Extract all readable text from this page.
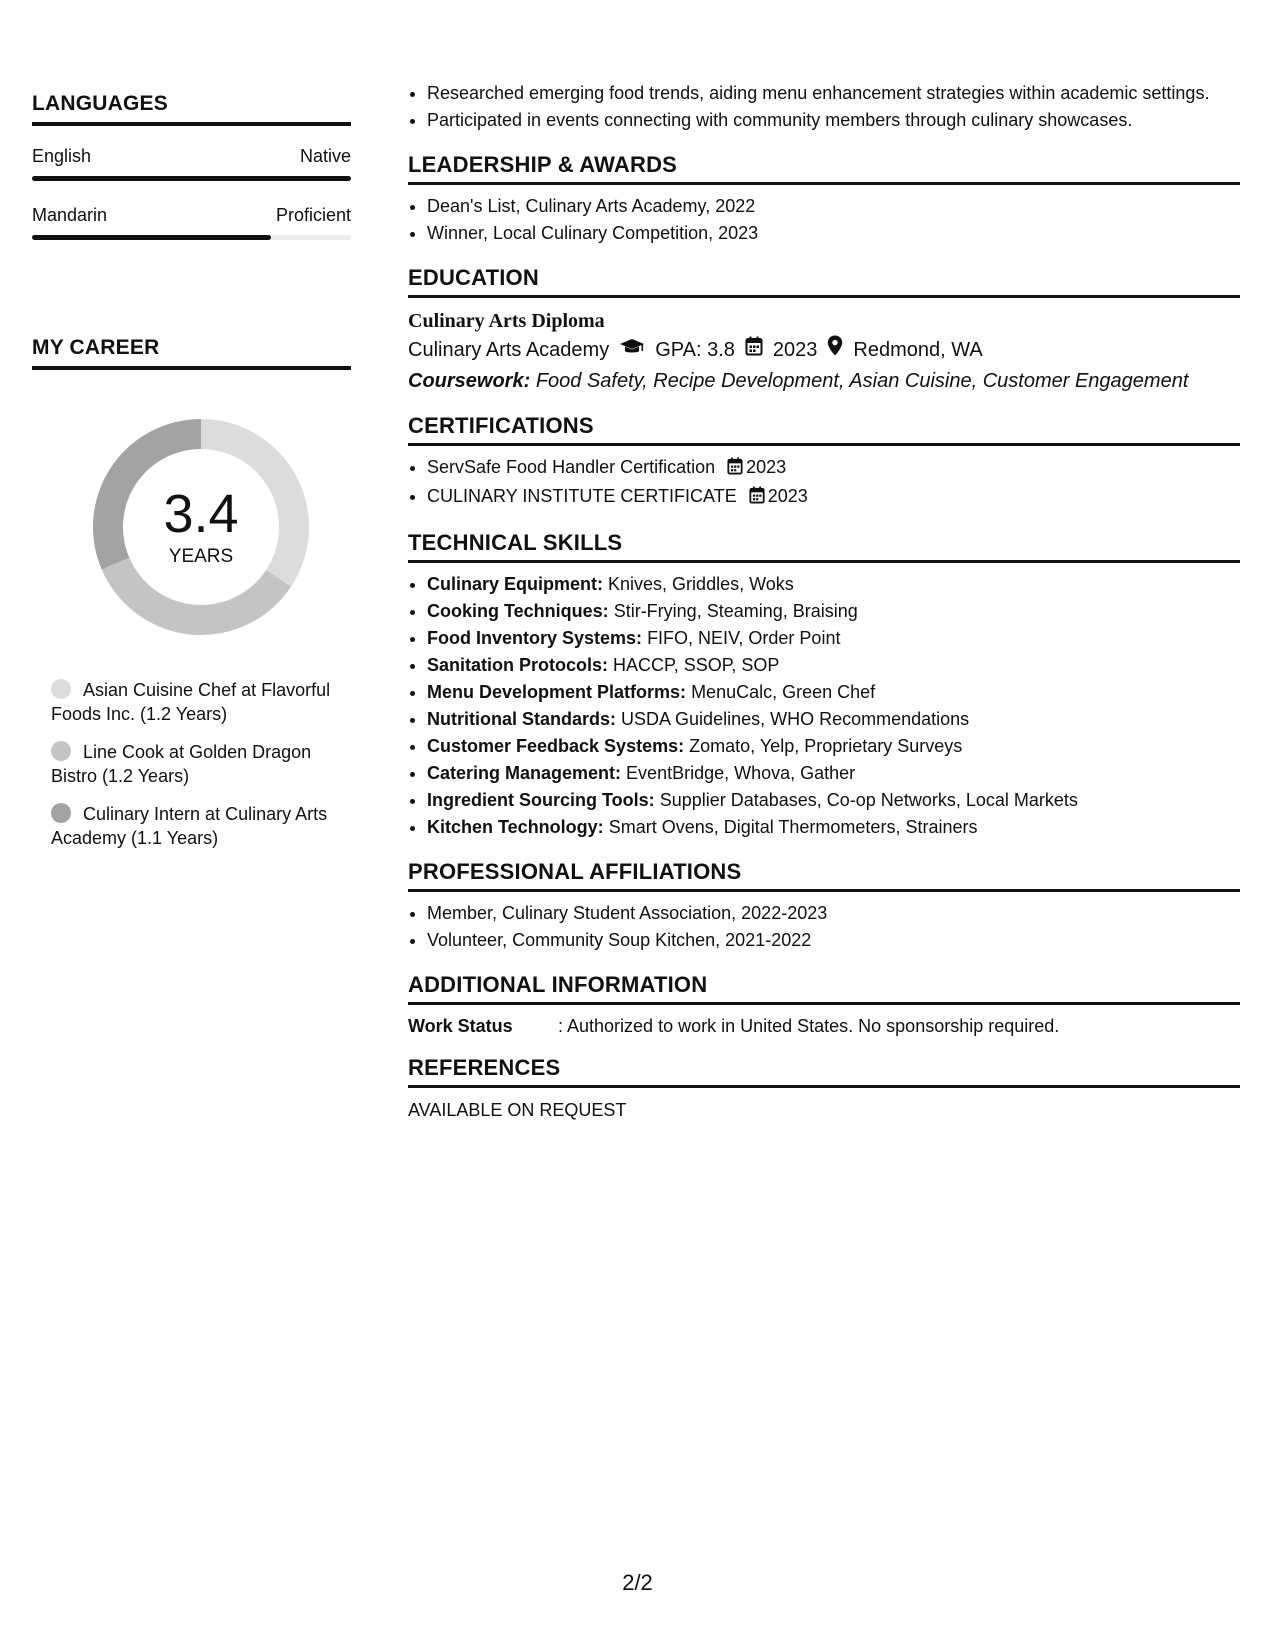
LANGUAGES
English	Native
Mandarin	Proficient
MY CAREER
3.4
YEARS
Asian Cuisine Chef at Flavorful Foods Inc. (1.2 Years)
Line Cook at Golden Dragon Bistro (1.2 Years)
Culinary Intern at Culinary Arts Academy (1.1 Years)
• Researched emerging food trends, aiding menu enhancement strategies within academic settings.
• Participated in events connecting with community members through culinary showcases.
LEADERSHIP & AWARDS
• Dean's List, Culinary Arts Academy, 2022
• Winner, Local Culinary Competition, 2023
EDUCATION
Culinary Arts Diploma
Culinary Arts Academy GPA: 3.8 2023 Redmond, WA
Coursework: Food Safety, Recipe Development, Asian Cuisine, Customer Engagement
CERTIFICATIONS
• ServSafe Food Handler Certification 2023
• CULINARY INSTITUTE CERTIFICATE 2023
TECHNICAL SKILLS
• Culinary Equipment: Knives, Griddles, Woks
• Cooking Techniques: Stir-Frying, Steaming, Braising
• Food Inventory Systems: FIFO, NEIV, Order Point
• Sanitation Protocols: HACCP, SSOP, SOP
• Menu Development Platforms: MenuCalc, Green Chef
• Nutritional Standards: USDA Guidelines, WHO Recommendations
• Customer Feedback Systems: Zomato, Yelp, Proprietary Surveys
• Catering Management: EventBridge, Whova, Gather
• Ingredient Sourcing Tools: Supplier Databases, Co-op Networks, Local Markets
• Kitchen Technology: Smart Ovens, Digital Thermometers, Strainers
PROFESSIONAL AFFILIATIONS
• Member, Culinary Student Association, 2022-2023
• Volunteer, Community Soup Kitchen, 2021-2022
ADDITIONAL INFORMATION
Work Status	: Authorized to work in United States. No sponsorship required.
REFERENCES
AVAILABLE ON REQUEST
2/2
